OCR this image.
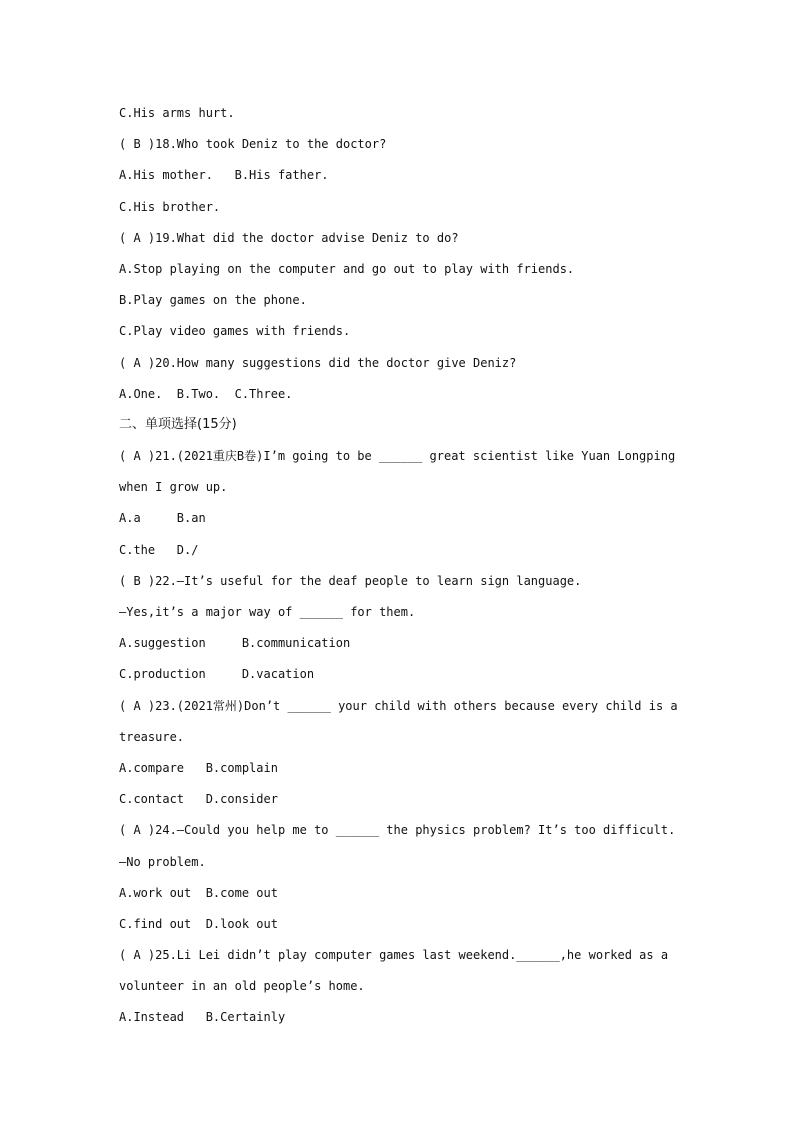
C.His arms hurt.
( B )18.Who took Deniz to the doctor?
A.His mother.   B.His father.
C.His brother.
( A )19.What did the doctor advise Deniz to do?
A.Stop playing on the computer and go out to play with friends.
B.Play games on the phone.
C.Play video games with friends.
( A )20.How many suggestions did the doctor give Deniz?
A.One.  B.Two.  C.Three.
二、单项选择(15分)
( A )21.(2021重庆B卷)I’m going to be ______ great scientist like Yuan Longping
when I grow up.
A.a     B.an
C.the   D./
( B )22.—It’s useful for the deaf people to learn sign language.
—Yes,it’s a major way of ______ for them.
A.suggestion     B.communication
C.production     D.vacation
( A )23.(2021常州)Don’t ______ your child with others because every child is a
treasure.
A.compare   B.complain
C.contact   D.consider
( A )24.—Could you help me to ______ the physics problem? It’s too difficult.
—No problem.
A.work out  B.come out
C.find out  D.look out
( A )25.Li Lei didn’t play computer games last weekend.______,he worked as a
volunteer in an old people’s home.
A.Instead   B.Certainly
